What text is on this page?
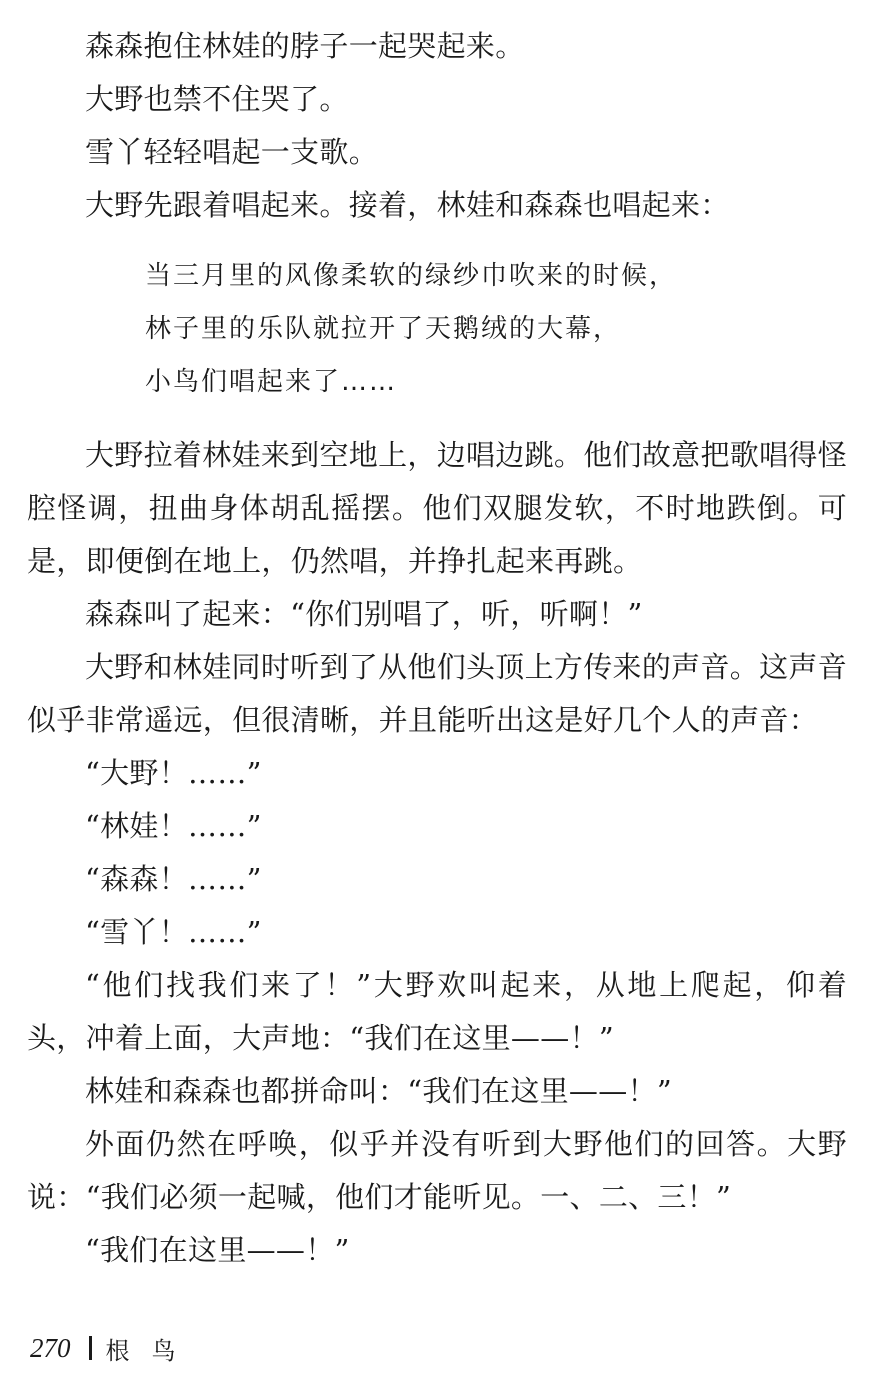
森森抱住林娃的脖子一起哭起来。

大野也禁不住哭了。

雪丫轻轻唱起一支歌。

大野先跟着唱起来。接着，林娃和森森也唱起来：

当三月里的风像柔软的绿纱巾吹来的时候，

林子里的乐队就拉开了天鹅绒的大幕，

小鸟们唱起来了……

大野拉着林娃来到空地上，边唱边跳。他们故意把歌唱得怪腔怪调，扭曲身体胡乱摇摆。他们双腿发软，不时地跌倒。可是，即便倒在地上，仍然唱，并挣扎起来再跳。

森森叫了起来：“你们别唱了，听，听啊！”

大野和林娃同时听到了从他们头顶上方传来的声音。这声音似乎非常遥远，但很清晰，并且能听出这是好几个人的声音：

“大野！……”

“林娃！……”

“森森！……”

“雪丫！……”

“他们找我们来了！”大野欢叫起来，从地上爬起，仰着头，冲着上面，大声地：“我们在这里——！”

林娃和森森也都拼命叫：“我们在这里——！”

外面仍然在呼唤，似乎并没有听到大野他们的回答。大野说：“我们必须一起喊，他们才能听见。一、二、三！”

“我们在这里——！”

270 根鸟
